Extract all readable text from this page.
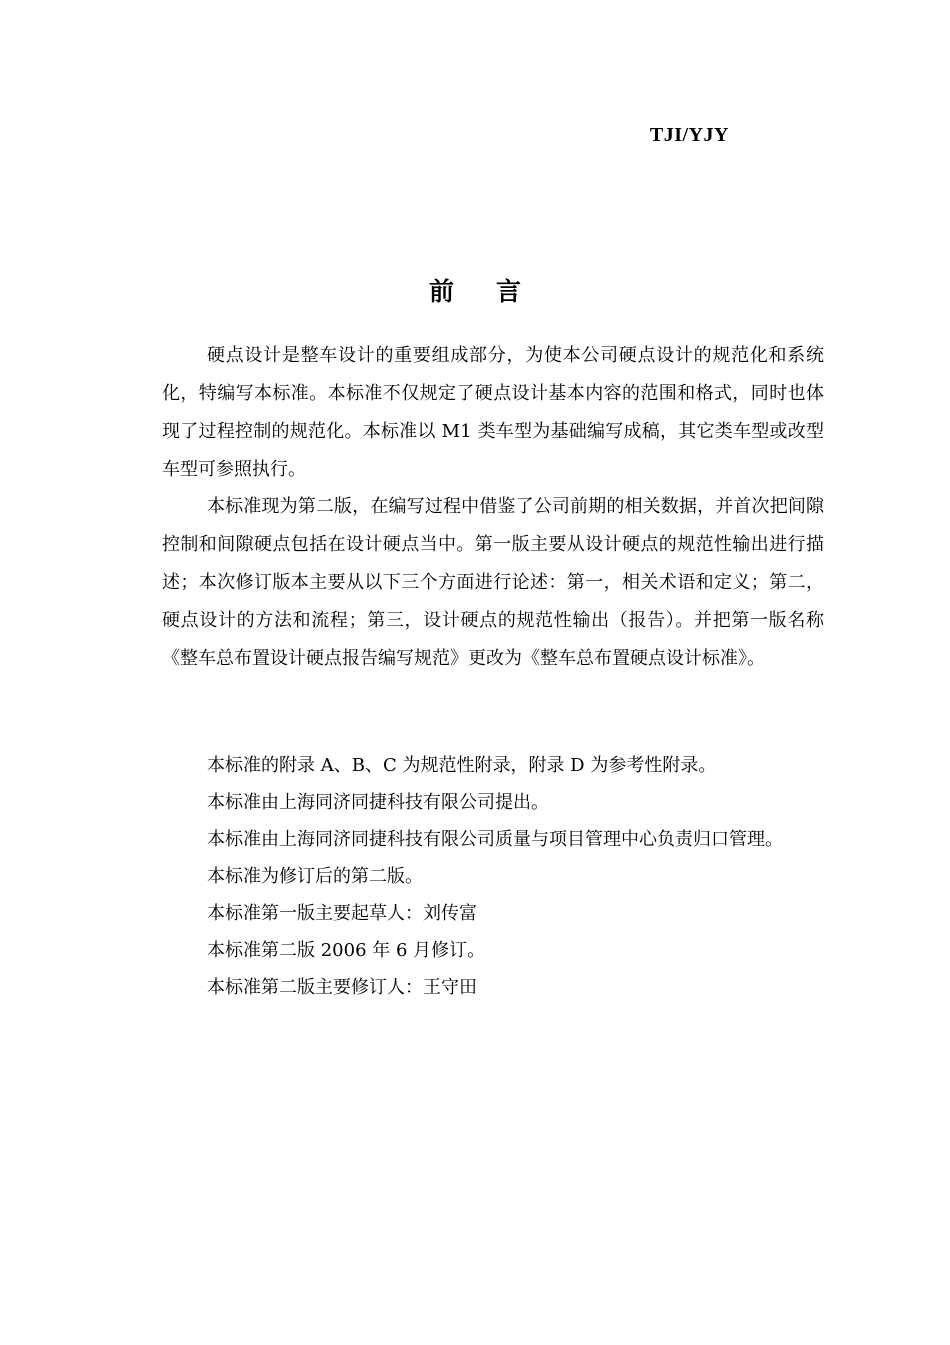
TJI/YJY
前言

硬点设计是整车设计的重要组成部分，为使本公司硬点设计的规范化和系统化，特编写本标准。本标准不仅规定了硬点设计基本内容的范围和格式，同时也体现了过程控制的规范化。本标准以 M1 类车型为基础编写成稿，其它类车型或改型车型可参照执行。

本标准现为第二版，在编写过程中借鉴了公司前期的相关数据，并首次把间隙控制和间隙硬点包括在设计硬点当中。第一版主要从设计硬点的规范性输出进行描述；本次修订版本主要从以下三个方面进行论述：第一，相关术语和定义；第二，硬点设计的方法和流程；第三，设计硬点的规范性输出（报告）。并把第一版名称《整车总布置设计硬点报告编写规范》更改为《整车总布置硬点设计标准》。

本标准的附录 A、B、C 为规范性附录，附录 D 为参考性附录。
本标准由上海同济同捷科技有限公司提出。
本标准由上海同济同捷科技有限公司质量与项目管理中心负责归口管理。
本标准为修订后的第二版。
本标准第一版主要起草人：刘传富
本标准第二版 2006 年 6 月修订。
本标准第二版主要修订人：王守田
